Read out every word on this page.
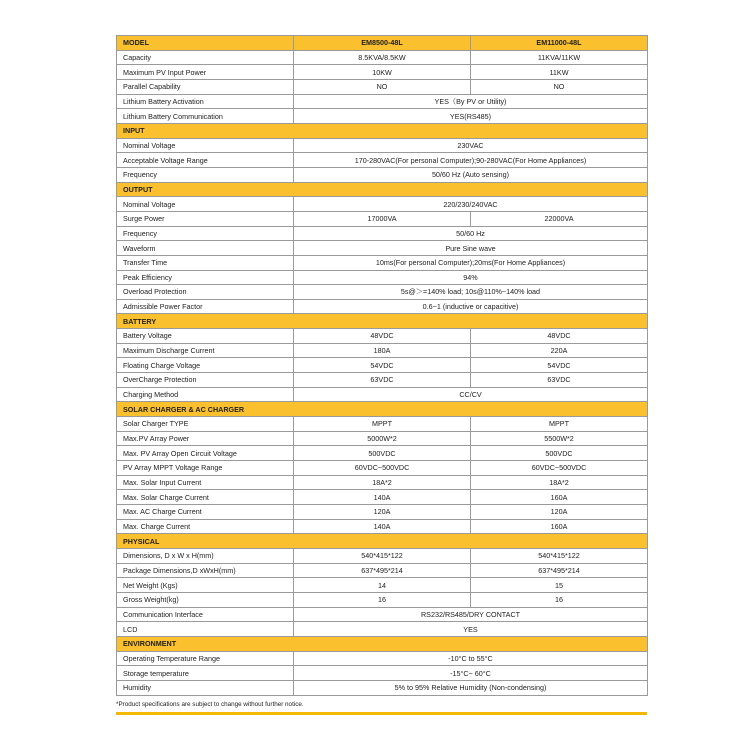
MODEL	EM8500-48L	EM11000-48L
Capacity	8.5KVA/8.5KW	11KVA/11KW
Maximum PV Input Power	10KW	11KW
Parallel Capability	NO	NO
Lithium Battery Activation	YES（By PV or Utility)	
Lithium Battery Communication	YES(RS485)	
INPUT		
Nominal Voltage	230VAC	
Acceptable Voltage Range	170-280VAC(For personal Computer);90-280VAC(For Home Appliances)	
Frequency	50/60 Hz (Auto sensing)	
OUTPUT		
Nominal Voltage	220/230/240VAC	
Surge Power	17000VA	22000VA
Frequency	50/60 Hz	
Waveform	Pure Sine wave	
Transfer Time	10ms(For personal Computer);20ms(For Home Appliances)	
Peak Efficiency	94%	
Overload Protection	5s@＞=140% load; 10s@110%~140% load	
Admissible Power Factor	0.6~1 (inductive or capacitive)	
BATTERY		
Battery Voltage	48VDC	48VDC
Maximum Discharge Current	180A	220A
Floating Charge Voltage	54VDC	54VDC
OverCharge Protection	63VDC	63VDC
Charging Method	CC/CV	
SOLAR CHARGER & AC CHARGER		
Solar Charger TYPE	MPPT	MPPT
Max.PV Array Power	5000W*2	5500W*2
Max. PV Array Open Circuit Voltage	500VDC	500VDC
PV Array MPPT Voltage Range	60VDC~500VDC	60VDC~500VDC
Max. Solar Input Current	18A*2	18A*2
Max. Solar Charge Current	140A	160A
Max. AC Charge Current	120A	120A
Max. Charge Current	140A	160A
PHYSICAL		
Dimensions, D x W x H(mm)	540*415*122	540*415*122
Package Dimensions,D xWxH(mm)	637*495*214	637*495*214
Net Weight (Kgs)	14	15
Gross Weight(kg)	16	16
Communication Interface	RS232/RS485/DRY CONTACT	
LCD	YES	
ENVIRONMENT		
Operating Temperature Range	-10°C to 55°C	
Storage temperature	-15°C~ 60°C	
Humidity	5% to 95% Relative Humidity (Non-condensing)	
*Product specifications are subject to change without further notice.
